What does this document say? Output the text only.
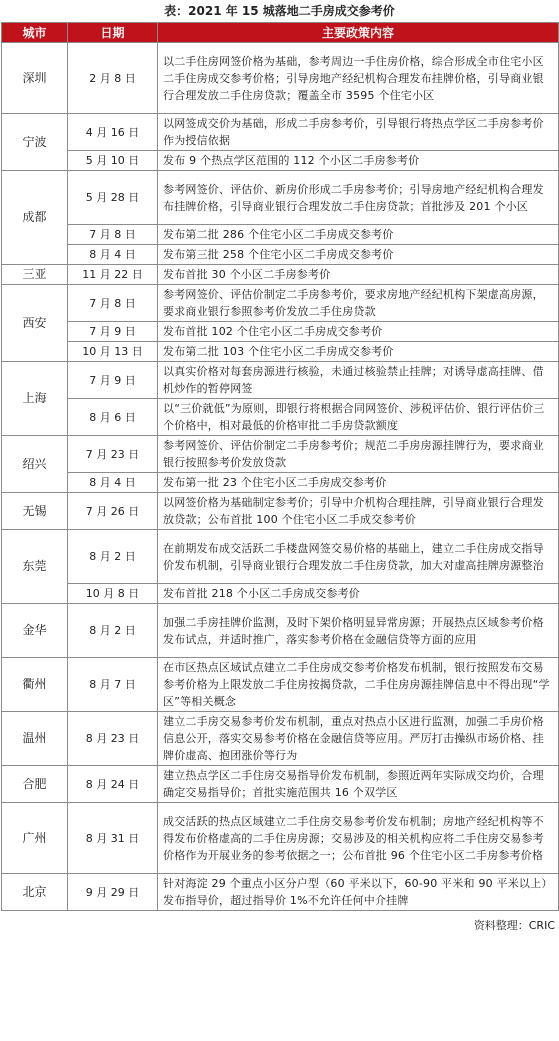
表：2021 年 15 城落地二手房成交参考价
城市	日期	主要政策内容
深圳	2 月 8 日	以二手住房网签价格为基础，参考周边一手住房价格，综合形成全市住宅小区二手住房成交参考价格；引导房地产经纪机构合理发布挂牌价格，引导商业银行合理发放二手住房贷款；覆盖全市 3595 个住宅小区
宁波	4 月 16 日	以网签成交价为基础，形成二手房参考价，引导银行将热点学区二手房参考价作为授信依据
	5 月 10 日	发布 9 个热点学区范围的 112 个小区二手房参考价
成都	5 月 28 日	参考网签价、评估价、新房价形成二手房参考价；引导房地产经纪机构合理发布挂牌价格，引导商业银行合理发放二手住房贷款；首批涉及 201 个小区
	7 月 8 日	发布第二批 286 个住宅小区二手房成交参考价
	8 月 4 日	发布第三批 258 个住宅小区二手房成交参考价
三亚	11 月 22 日	发布首批 30 个小区二手房参考价
西安	7 月 8 日	参考网签价、评估价制定二手房参考价，要求房地产经纪机构下架虚高房源，要求商业银行参照参考价发放二手住房贷款
	7 月 9 日	发布首批 102 个住宅小区二手房成交参考价
	10 月 13 日	发布第二批 103 个住宅小区二手房成交参考价
上海	7 月 9 日	以真实价格对每套房源进行核验，未通过核验禁止挂牌；对诱导虚高挂牌、借机炒作的暂停网签
	8 月 6 日	以“三价就低”为原则，即银行将根据合同网签价、涉税评估价、银行评估价三个价格中，相对最低的价格审批二手房贷款额度
绍兴	7 月 23 日	参考网签价、评估价制定二手房参考价；规范二手房房源挂牌行为，要求商业银行按照参考价发放贷款
	8 月 4 日	发布第一批 23 个住宅小区二手房成交参考价
无锡	7 月 26 日	以网签价格为基础制定参考价；引导中介机构合理挂牌，引导商业银行合理发放贷款；公布首批 100 个住宅小区二手成交参考价
东莞	8 月 2 日	在前期发布成交活跃二手楼盘网签交易价格的基础上，建立二手住房成交指导价发布机制，引导商业银行合理发放二手住房贷款，加大对虚高挂牌房源整治
	10 月 8 日	发布首批 218 个小区二手房成交参考价
金华	8 月 2 日	加强二手房挂牌价监测，及时下架价格明显异常房源；开展热点区域参考价格发布试点，并适时推广，落实参考价格在金融信贷等方面的应用
衢州	8 月 7 日	在市区热点区域试点建立二手住房成交参考价格发布机制，银行按照发布交易参考价格为上限发放二手住房按揭贷款，二手住房房源挂牌信息中不得出现“学区”等相关概念
温州	8 月 23 日	建立二手房交易参考价发布机制，重点对热点小区进行监测，加强二手房价格信息公开，落实交易参考价格在金融信贷等应用。严厉打击操纵市场价格、挂牌价虚高、抱团涨价等行为
合肥	8 月 24 日	建立热点学区二手住房交易指导价发布机制，参照近两年实际成交均价，合理确定交易指导价；首批实施范围共 16 个双学区
广州	8 月 31 日	成交活跃的热点区域建立二手住房交易参考价发布机制；房地产经纪机构等不得发布价格虚高的二手住房房源；交易涉及的相关机构应将二手住房交易参考价格作为开展业务的参考依据之一；公布首批 96 个住宅小区二手房参考价格
北京	9 月 29 日	针对海淀 29 个重点小区分户型（60 平米以下，60-90 平米和 90 平米以上）发布指导价，超过指导价 1%不允许任何中介挂牌
资料整理：CRIC
